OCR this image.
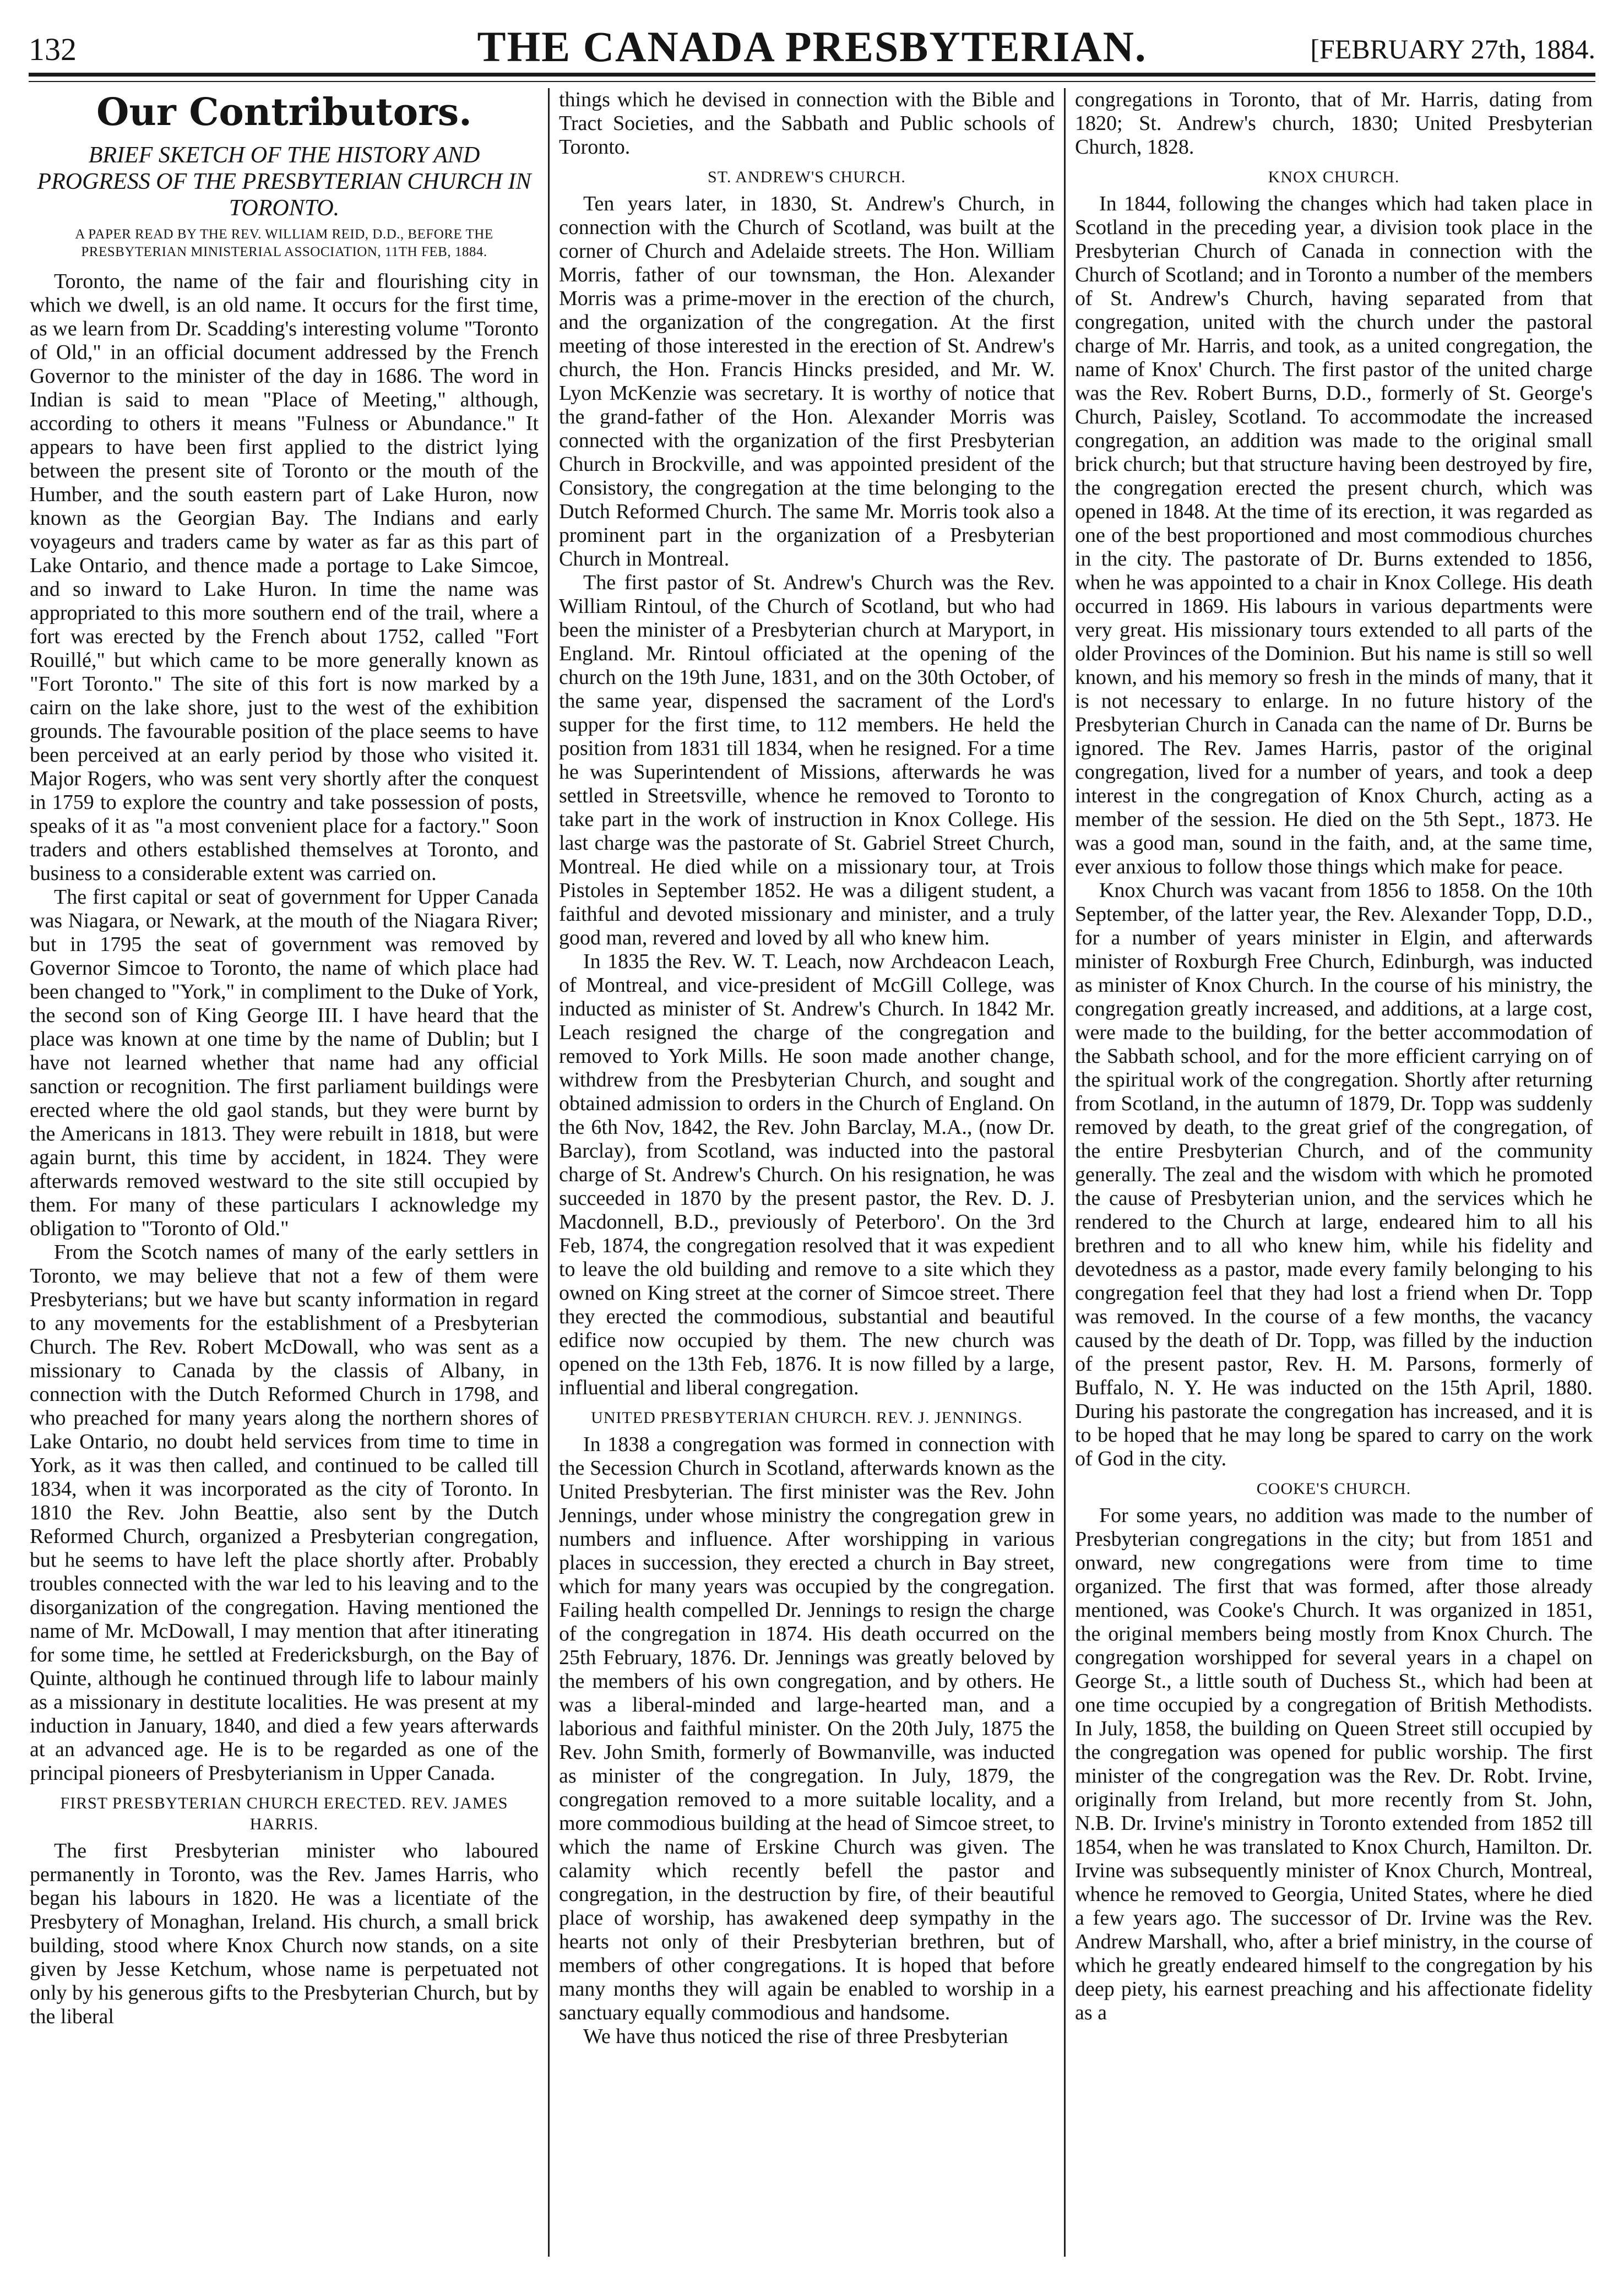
132	THE CANADA PRESBYTERIAN.	[FEBRUARY 27th, 1884.
Our Contributors.
BRIEF SKETCH OF THE HISTORY AND PROGRESS OF THE PRESBYTERIAN CHURCH IN TORONTO.
A PAPER READ BY THE REV. WILLIAM REID, D.D., BEFORE THE PRESBYTERIAN MINISTERIAL ASSOCIATION, 11TH FEB, 1884.

Toronto, the name of the fair and flourishing city in which we dwell, is an old name. It occurs for the first time, as we learn from Dr. Scadding's interesting volume "Toronto of Old," in an official document addressed by the French Governor to the minister of the day in 1686. The word in Indian is said to mean "Place of Meeting," although, according to others it means "Fulness or Abundance." It appears to have been first applied to the district lying between the present site of Toronto or the mouth of the Humber, and the south eastern part of Lake Huron, now known as the Georgian Bay. The Indians and early voyageurs and traders came by water as far as this part of Lake Ontario, and thence made a portage to Lake Simcoe, and so inward to Lake Huron. In time the name was appropriated to this more southern end of the trail, where a fort was erected by the French about 1752, called "Fort Rouillé," but which came to be more generally known as "Fort Toronto." The site of this fort is now marked by a cairn on the lake shore, just to the west of the exhibition grounds. The favourable position of the place seems to have been perceived at an early period by those who visited it. Major Rogers, who was sent very shortly after the conquest in 1759 to explore the country and take possession of posts, speaks of it as "a most convenient place for a factory." Soon traders and others established themselves at Toronto, and business to a considerable extent was carried on.

The first capital or seat of government for Upper Canada was Niagara, or Newark, at the mouth of the Niagara River; but in 1795 the seat of government was removed by Governor Simcoe to Toronto, the name of which place had been changed to "York," in compliment to the Duke of York, the second son of King George III. I have heard that the place was known at one time by the name of Dublin; but I have not learned whether that name had any official sanction or recognition. The first parliament buildings were erected where the old gaol stands, but they were burnt by the Americans in 1813. They were rebuilt in 1818, but were again burnt, this time by accident, in 1824. They were afterwards removed westward to the site still occupied by them. For many of these particulars I acknowledge my obligation to "Toronto of Old."

From the Scotch names of many of the early settlers in Toronto, we may believe that not a few of them were Presbyterians; but we have but scanty information in regard to any movements for the establishment of a Presbyterian Church. The Rev. Robert McDowall, who was sent as a missionary to Canada by the classis of Albany, in connection with the Dutch Reformed Church in 1798, and who preached for many years along the northern shores of Lake Ontario, no doubt held services from time to time in York, as it was then called, and continued to be called till 1834, when it was incorporated as the city of Toronto. In 1810 the Rev. John Beattie, also sent by the Dutch Reformed Church, organized a Presbyterian congregation, but he seems to have left the place shortly after. Probably troubles connected with the war led to his leaving and to the disorganization of the congregation. Having mentioned the name of Mr. McDowall, I may mention that after itinerating for some time, he settled at Fredericksburgh, on the Bay of Quinte, although he continued through life to labour mainly as a missionary in destitute localities. He was present at my induction in January, 1840, and died a few years afterwards at an advanced age. He is to be regarded as one of the principal pioneers of Presbyterianism in Upper Canada.

FIRST PRESBYTERIAN CHURCH ERECTED. REV. JAMES HARRIS.

The first Presbyterian minister who laboured permanently in Toronto, was the Rev. James Harris, who began his labours in 1820. He was a licentiate of the Presbytery of Monaghan, Ireland. His church, a small brick building, stood where Knox Church now stands, on a site given by Jesse Ketchum, whose name is perpetuated not only by his generous gifts to the Presbyterian Church, but by the liberal

things which he devised in connection with the Bible and Tract Societies, and the Sabbath and Public schools of Toronto.

ST. ANDREW'S CHURCH.

Ten years later, in 1830, St. Andrew's Church, in connection with the Church of Scotland, was built at the corner of Church and Adelaide streets. The Hon. William Morris, father of our townsman, the Hon. Alexander Morris was a prime-mover in the erection of the church, and the organization of the congregation. At the first meeting of those interested in the erection of St. Andrew's church, the Hon. Francis Hincks presided, and Mr. W. Lyon McKenzie was secretary. It is worthy of notice that the grand-father of the Hon. Alexander Morris was connected with the organization of the first Presbyterian Church in Brockville, and was appointed president of the Consistory, the congregation at the time belonging to the Dutch Reformed Church. The same Mr. Morris took also a prominent part in the organization of a Presbyterian Church in Montreal.

The first pastor of St. Andrew's Church was the Rev. William Rintoul, of the Church of Scotland, but who had been the minister of a Presbyterian church at Maryport, in England. Mr. Rintoul officiated at the opening of the church on the 19th June, 1831, and on the 30th October, of the same year, dispensed the sacrament of the Lord's supper for the first time, to 112 members. He held the position from 1831 till 1834, when he resigned. For a time he was Superintendent of Missions, afterwards he was settled in Streetsville, whence he removed to Toronto to take part in the work of instruction in Knox College. His last charge was the pastorate of St. Gabriel Street Church, Montreal. He died while on a missionary tour, at Trois Pistoles in September 1852. He was a diligent student, a faithful and devoted missionary and minister, and a truly good man, revered and loved by all who knew him.

In 1835 the Rev. W. T. Leach, now Archdeacon Leach, of Montreal, and vice-president of McGill College, was inducted as minister of St. Andrew's Church. In 1842 Mr. Leach resigned the charge of the congregation and removed to York Mills. He soon made another change, withdrew from the Presbyterian Church, and sought and obtained admission to orders in the Church of England. On the 6th Nov, 1842, the Rev. John Barclay, M.A., (now Dr. Barclay), from Scotland, was inducted into the pastoral charge of St. Andrew's Church. On his resignation, he was succeeded in 1870 by the present pastor, the Rev. D. J. Macdonnell, B.D., previously of Peterboro'. On the 3rd Feb, 1874, the congregation resolved that it was expedient to leave the old building and remove to a site which they owned on King street at the corner of Simcoe street. There they erected the commodious, substantial and beautiful edifice now occupied by them. The new church was opened on the 13th Feb, 1876. It is now filled by a large, influential and liberal congregation.

UNITED PRESBYTERIAN CHURCH. REV. J. JENNINGS.

In 1838 a congregation was formed in connection with the Secession Church in Scotland, afterwards known as the United Presbyterian. The first minister was the Rev. John Jennings, under whose ministry the congregation grew in numbers and influence. After worshipping in various places in succession, they erected a church in Bay street, which for many years was occupied by the congregation. Failing health compelled Dr. Jennings to resign the charge of the congregation in 1874. His death occurred on the 25th February, 1876. Dr. Jennings was greatly beloved by the members of his own congregation, and by others. He was a liberal-minded and large-hearted man, and a laborious and faithful minister. On the 20th July, 1875 the Rev. John Smith, formerly of Bowmanville, was inducted as minister of the congregation. In July, 1879, the congregation removed to a more suitable locality, and a more commodious building at the head of Simcoe street, to which the name of Erskine Church was given. The calamity which recently befell the pastor and congregation, in the destruction by fire, of their beautiful place of worship, has awakened deep sympathy in the hearts not only of their Presbyterian brethren, but of members of other congregations. It is hoped that before many months they will again be enabled to worship in a sanctuary equally commodious and handsome.

We have thus noticed the rise of three Presbyterian

congregations in Toronto, that of Mr. Harris, dating from 1820; St. Andrew's church, 1830; United Presbyterian Church, 1828.

KNOX CHURCH.

In 1844, following the changes which had taken place in Scotland in the preceding year, a division took place in the Presbyterian Church of Canada in connection with the Church of Scotland; and in Toronto a number of the members of St. Andrew's Church, having separated from that congregation, united with the church under the pastoral charge of Mr. Harris, and took, as a united congregation, the name of Knox' Church. The first pastor of the united charge was the Rev. Robert Burns, D.D., formerly of St. George's Church, Paisley, Scotland. To accommodate the increased congregation, an addition was made to the original small brick church; but that structure having been destroyed by fire, the congregation erected the present church, which was opened in 1848. At the time of its erection, it was regarded as one of the best proportioned and most commodious churches in the city. The pastorate of Dr. Burns extended to 1856, when he was appointed to a chair in Knox College. His death occurred in 1869. His labours in various departments were very great. His missionary tours extended to all parts of the older Provinces of the Dominion. But his name is still so well known, and his memory so fresh in the minds of many, that it is not necessary to enlarge. In no future history of the Presbyterian Church in Canada can the name of Dr. Burns be ignored. The Rev. James Harris, pastor of the original congregation, lived for a number of years, and took a deep interest in the congregation of Knox Church, acting as a member of the session. He died on the 5th Sept., 1873. He was a good man, sound in the faith, and, at the same time, ever anxious to follow those things which make for peace.

Knox Church was vacant from 1856 to 1858. On the 10th September, of the latter year, the Rev. Alexander Topp, D.D., for a number of years minister in Elgin, and afterwards minister of Roxburgh Free Church, Edinburgh, was inducted as minister of Knox Church. In the course of his ministry, the congregation greatly increased, and additions, at a large cost, were made to the building, for the better accommodation of the Sabbath school, and for the more efficient carrying on of the spiritual work of the congregation. Shortly after returning from Scotland, in the autumn of 1879, Dr. Topp was suddenly removed by death, to the great grief of the congregation, of the entire Presbyterian Church, and of the community generally. The zeal and the wisdom with which he promoted the cause of Presbyterian union, and the services which he rendered to the Church at large, endeared him to all his brethren and to all who knew him, while his fidelity and devotedness as a pastor, made every family belonging to his congregation feel that they had lost a friend when Dr. Topp was removed. In the course of a few months, the vacancy caused by the death of Dr. Topp, was filled by the induction of the present pastor, Rev. H. M. Parsons, formerly of Buffalo, N. Y. He was inducted on the 15th April, 1880. During his pastorate the congregation has increased, and it is to be hoped that he may long be spared to carry on the work of God in the city.

COOKE'S CHURCH.

For some years, no addition was made to the number of Presbyterian congregations in the city; but from 1851 and onward, new congregations were from time to time organized. The first that was formed, after those already mentioned, was Cooke's Church. It was organized in 1851, the original members being mostly from Knox Church. The congregation worshipped for several years in a chapel on George St., a little south of Duchess St., which had been at one time occupied by a congregation of British Methodists. In July, 1858, the building on Queen Street still occupied by the congregation was opened for public worship. The first minister of the congregation was the Rev. Dr. Robt. Irvine, originally from Ireland, but more recently from St. John, N.B. Dr. Irvine's ministry in Toronto extended from 1852 till 1854, when he was translated to Knox Church, Hamilton. Dr. Irvine was subsequently minister of Knox Church, Montreal, whence he removed to Georgia, United States, where he died a few years ago. The successor of Dr. Irvine was the Rev. Andrew Marshall, who, after a brief ministry, in the course of which he greatly endeared himself to the congregation by his deep piety, his earnest preaching and his affectionate fidelity as a
